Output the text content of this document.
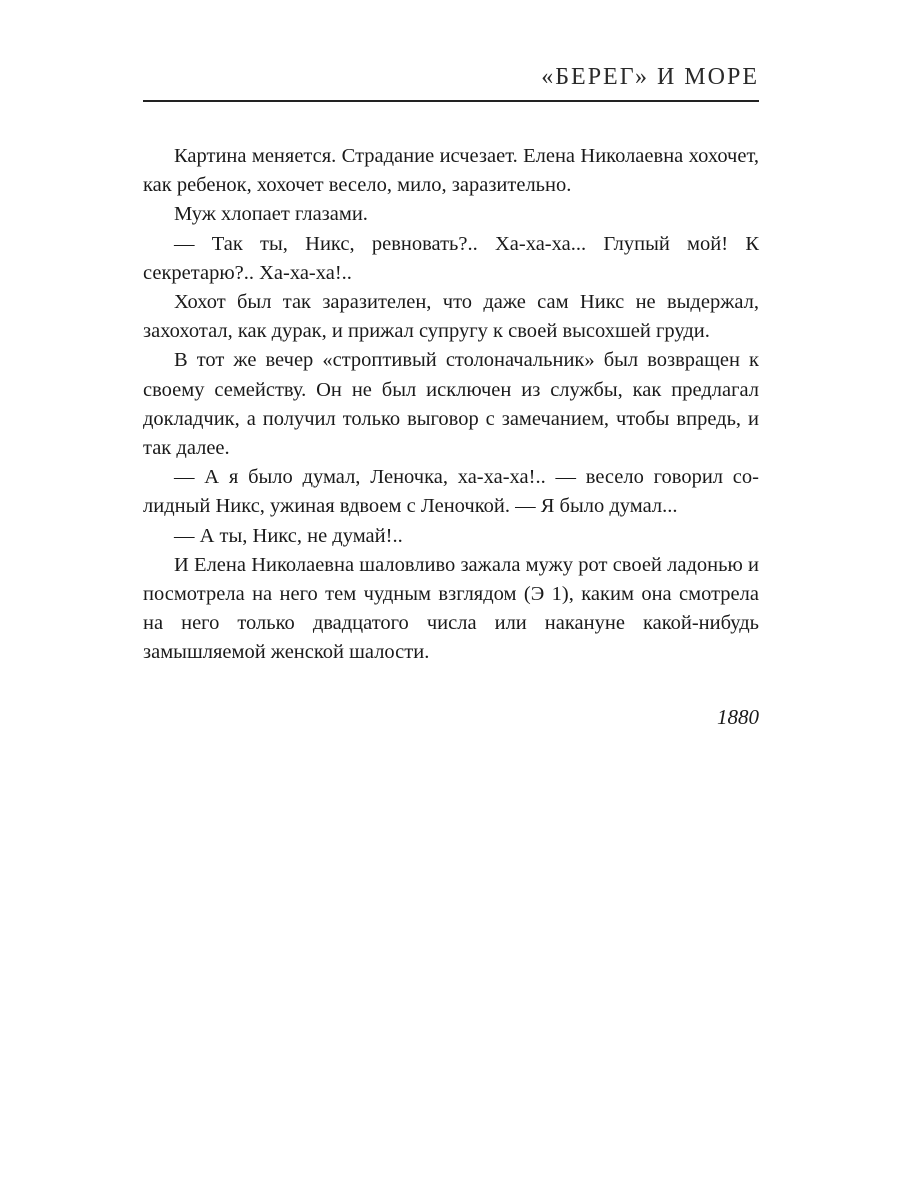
«БЕРЕГ» И МОРЕ

Картина меняется. Страдание исчезает. Елена Николаевна хохочет, как ребенок, хохочет весело, мило, заразительно.

Муж хлопает глазами.

— Так ты, Никс, ревновать?.. Ха-ха-ха... Глупый мой! К секретарю?.. Ха-ха-ха!..

Хохот был так заразителен, что даже сам Никс не выдержал, захохотал, как дурак, и прижал супругу к своей высохшей груди.

В тот же вечер «строптивый столоначальник» был возвращен к своему семейству. Он не был исключен из службы, как предлагал докладчик, а получил только выговор с замечанием, чтобы впредь, и так далее.

— А я было думал, Леночка, ха-ха-ха!.. — весело говорил солидный Никс, ужиная вдвоем с Леночкой. — Я было думал...

— А ты, Никс, не думай!..

И Елена Николаевна шаловливо зажала мужу рот своей ладонью и посмотрела на него тем чудным взглядом (Э 1), каким она смотрела на него только двадцатого числа или накануне какой-нибудь замышляемой женской шалости.

1880
